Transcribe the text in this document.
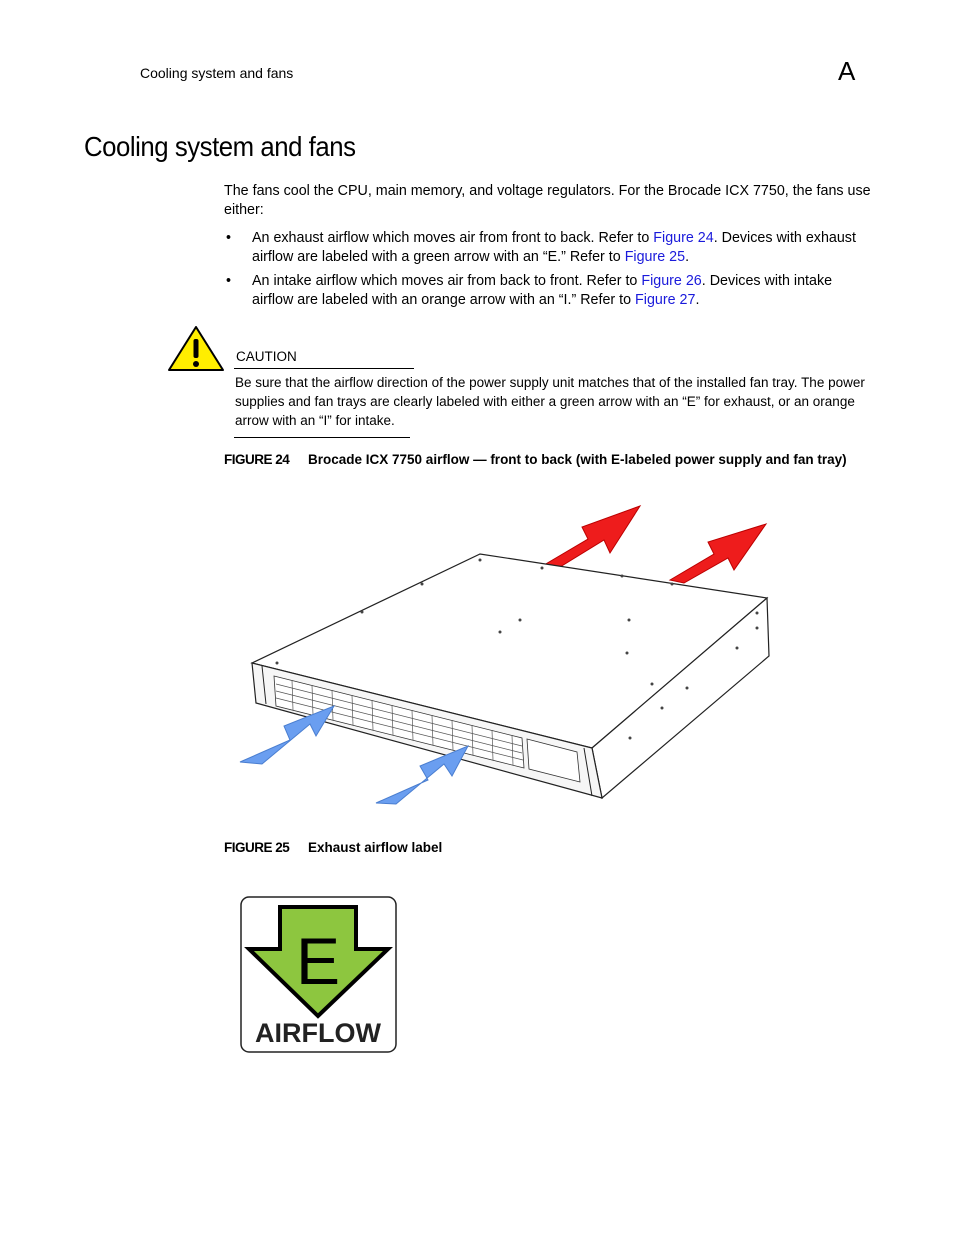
Cooling system and fans	A
Cooling system and fans

The fans cool the CPU, main memory, and voltage regulators. For the Brocade ICX 7750, the fans use either:

• An exhaust airflow which moves air from front to back. Refer to Figure 24. Devices with exhaust airflow are labeled with a green arrow with an “E.” Refer to Figure 25.
• An intake airflow which moves air from back to front. Refer to Figure 26. Devices with intake airflow are labeled with an orange arrow with an “I.” Refer to Figure 27.
CAUTION
Be sure that the airflow direction of the power supply unit matches that of the installed fan tray. The power supplies and fan trays are clearly labeled with either a green arrow with an “E” for exhaust, or an orange arrow with an “I” for intake.
FIGURE 24 Brocade ICX 7750 airflow — front to back (with E-labeled power supply and fan tray)
FIGURE 25 Exhaust airflow label
E
AIRFLOW
